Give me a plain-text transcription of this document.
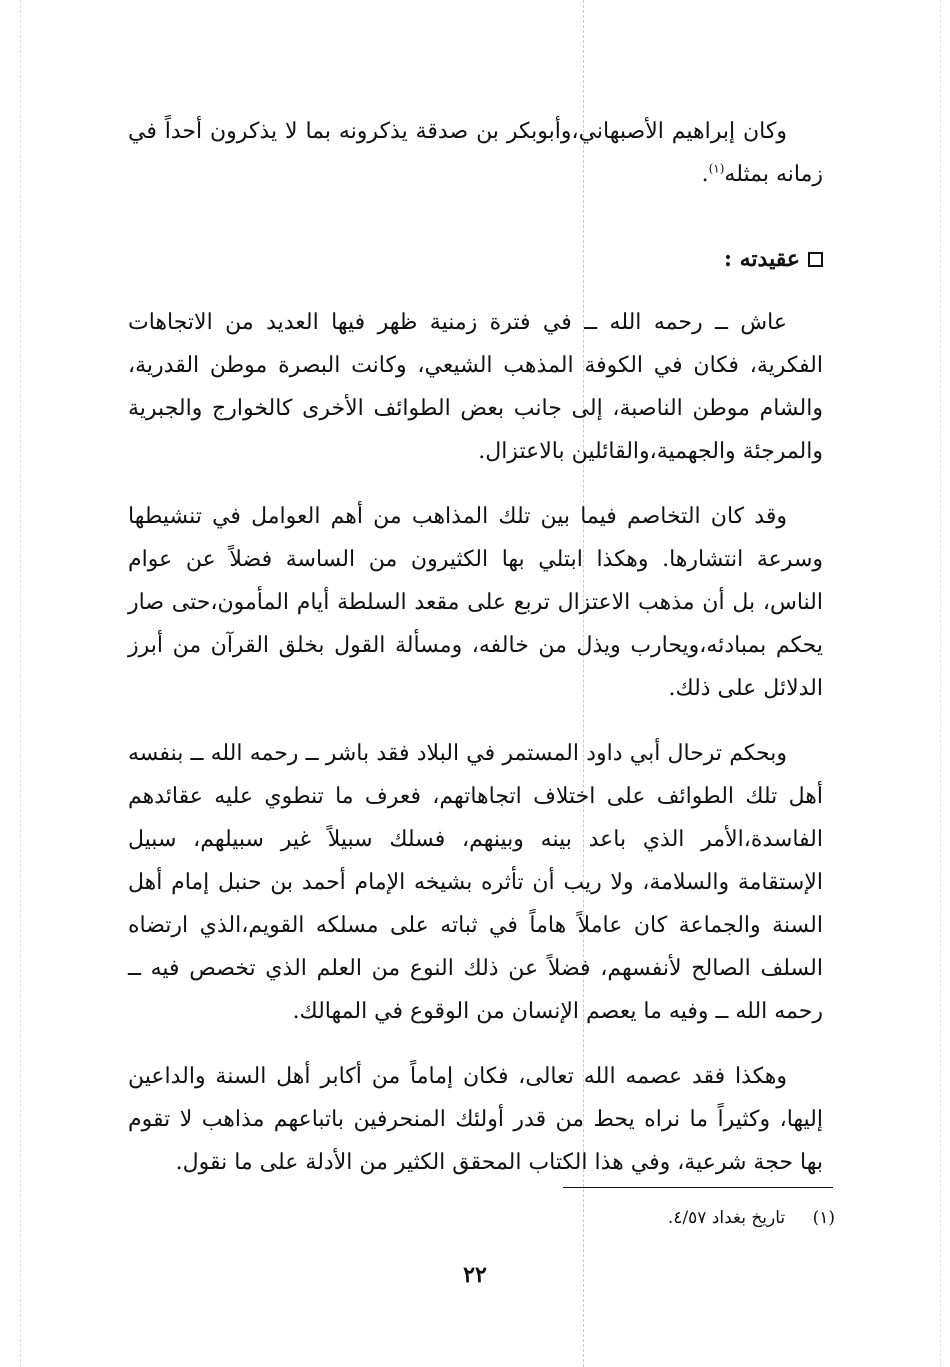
وكان إبراهيم الأصبهاني،وأبوبكر بن صدقة يذكرونه بما لا يذكرون أحداً في زمانه بمثله$^{(١)}$.

عقيدته :

عاش ــ رحمه الله ــ في فترة زمنية ظهر فيها العديد من الاتجاهات الفكرية، فكان في الكوفة المذهب الشيعي، وكانت البصرة موطن القدرية، والشام موطن الناصبة، إلى جانب بعض الطوائف الأخرى كالخوارج والجبرية والمرجئة والجهمية،والقائلين بالاعتزال.

وقد كان التخاصم فيما بين تلك المذاهب من أهم العوامل في تنشيطها وسرعة انتشارها. وهكذا ابتلي بها الكثيرون من الساسة فضلاً عن عوام الناس، بل أن مذهب الاعتزال تربع على مقعد السلطة أيام المأمون،حتى صار يحكم بمبادئه،ويحارب ويذل من خالفه، ومسألة القول بخلق القرآن من أبرز الدلائل على ذلك.

وبحكم ترحال أبي داود المستمر في البلاد فقد باشر ــ رحمه الله ــ بنفسه أهل تلك الطوائف على اختلاف اتجاهاتهم، فعرف ما تنطوي عليه عقائدهم الفاسدة،الأمر الذي باعد بينه وبينهم، فسلك سبيلاً غير سبيلهم، سبيل الإستقامة والسلامة، ولا ريب أن تأثره بشيخه الإمام أحمد بن حنبل إمام أهل السنة والجماعة كان عاملاً هاماً في ثباته على مسلكه القويم،الذي ارتضاه السلف الصالح لأنفسهم، فضلاً عن ذلك النوع من العلم الذي تخصص فيه ــ رحمه الله ــ وفيه ما يعصم الإنسان من الوقوع في المهالك.

وهكذا فقد عصمه الله تعالى، فكان إماماً من أكابر أهل السنة والداعين إليها، وكثيراً ما نراه يحط من قدر أولئك المنحرفين باتباعهم مذاهب لا تقوم بها حجة شرعية، وفي هذا الكتاب المحقق الكثير من الأدلة على ما نقول.

(١) تاريخ بغداد ٤/٥٧.
٢٢
